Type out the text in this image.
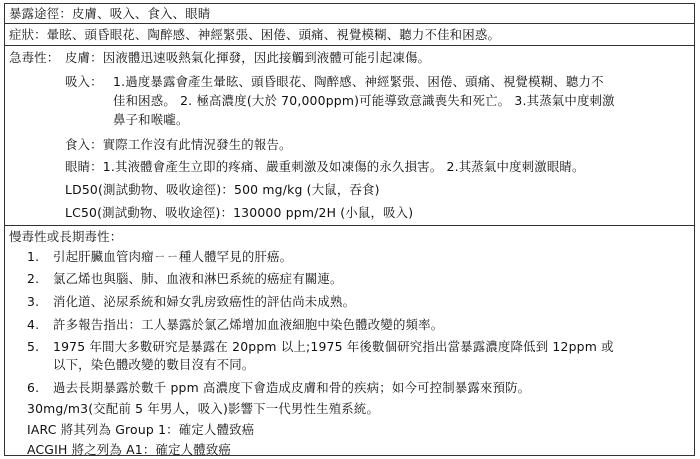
暴露途徑：皮膚、吸入、食入、眼睛
症狀：暈眩、頭昏眼花、陶醉感、神經緊張、困倦、頭痛、視覺模糊、聽力不佳和困惑。
急毒性： 皮膚：因液體迅速吸熱氣化揮發，因此接觸到液體可能引起凍傷。
吸入： 1.過度暴露會產生暈眩、頭昏眼花、陶醉感、神經緊張、困倦、頭痛、視覺模糊、聽力不
佳和困惑。 2. 極高濃度(大於 70,000ppm)可能導致意識喪失和死亡。 3.其蒸氣中度刺激
鼻子和喉嚨。
食入：實際工作沒有此情況發生的報告。
眼睛：1.其液體會產生立即的疼痛、嚴重刺激及如凍傷的永久損害。 2.其蒸氣中度刺激眼睛。
LD50(測試動物、吸收途徑)：500 mg/kg (大鼠，吞食)
LC50(測試動物、吸收途徑)：130000 ppm/2H (小鼠，吸入)
慢毒性或長期毒性：
1. 引起肝臟血管肉瘤ㄧㄧ種人體罕見的肝癌。
2. 氯乙烯也與腦、肺、血液和淋巴系統的癌症有關連。
3. 消化道、泌尿系統和婦女乳房致癌性的評估尚未成熟。
4. 許多報告指出：工人暴露於氯乙烯增加血液細胞中染色體改變的頻率。
5. 1975 年間大多數研究是暴露在 20ppm 以上;1975 年後數個研究指出當暴露濃度降低到 12ppm 或
以下，染色體改變的數目沒有不同。
6. 過去長期暴露於數千 ppm 高濃度下會造成皮膚和骨的疾病；如今可控制暴露來預防。
30mg/m3(交配前 5 年男人，吸入)影響下一代男性生殖系統。
IARC 將其列為 Group 1：確定人體致癌
ACGIH 將之列為 A1：確定人體致癌
